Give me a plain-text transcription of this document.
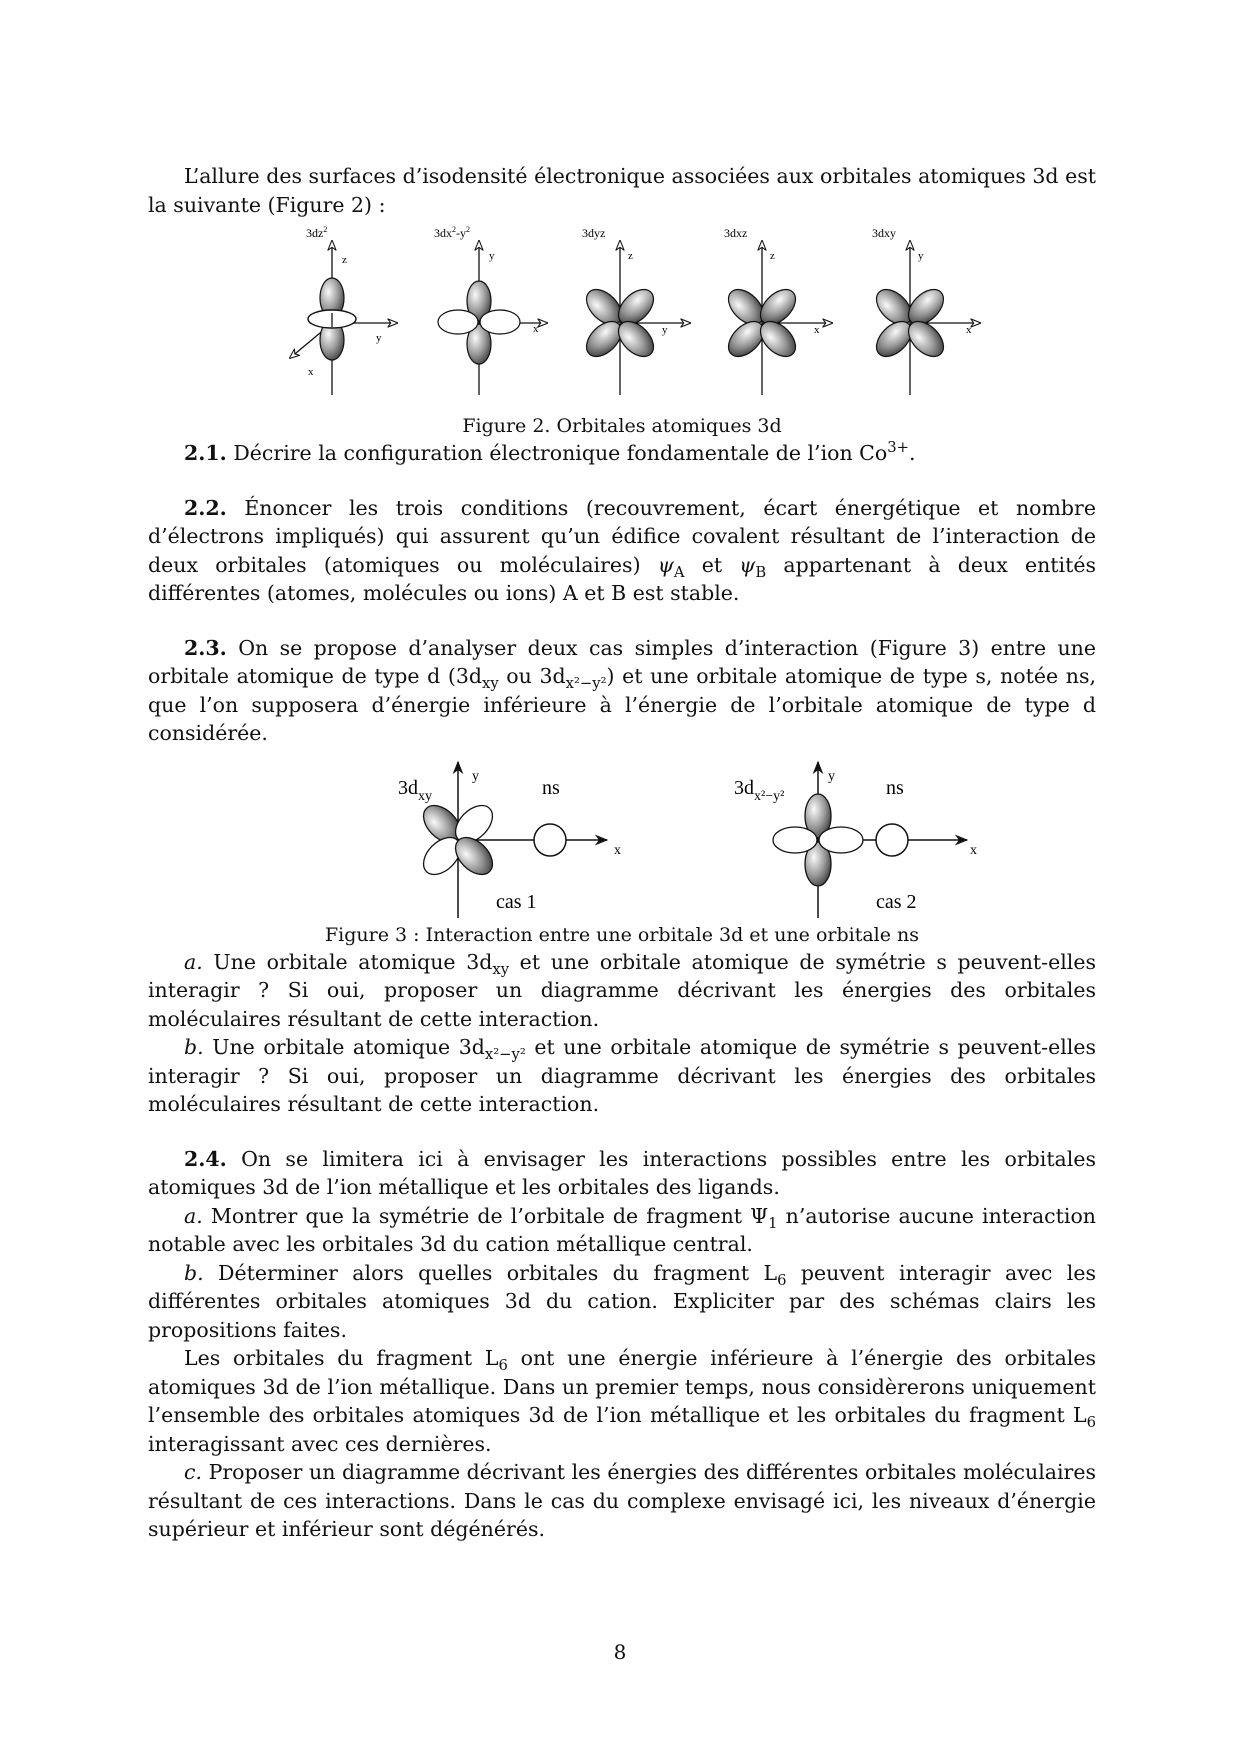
L’allure des surfaces d’isodensité électronique associées aux orbitales atomiques 3d est la suivante (Figure 2) :

$3dz^2$
z
y
x
$3dx^2-y^2$
y
x
3dyz
z
y
3dxz
z
x
3dxy
y
x

Figure 2. Orbitales atomiques 3d

2.1. Décrire la configuration électronique fondamentale de l’ion $Co^{3+}$.

2.2. Énoncer les trois conditions (recouvrement, écart énergétique et nombre d’électrons impliqués) qui assurent qu’un édifice covalent résultant de l’interaction de deux orbitales (atomiques ou moléculaires) $\psi_A$ et $\psi_B$ appartenant à deux entités différentes (atomes, molécules ou ions) A et B est stable.

2.3. On se propose d’analyser deux cas simples d’interaction (Figure 3) entre une orbitale atomique de type d ($3d_{xy}$ ou $3d_{x^2-y^2}$) et une orbitale atomique de type s, notée ns, que l’on supposera d’énergie inférieure à l’énergie de l’orbitale atomique de type d considérée.

$3d_{xy}$
y
x
ns
cas 1
$3d_{x^2-y^2}$
y
x
ns
cas 2

Figure 3 : Interaction entre une orbitale 3d et une orbitale ns

a. Une orbitale atomique $3d_{xy}$ et une orbitale atomique de symétrie s peuvent-elles interagir ? Si oui, proposer un diagramme décrivant les énergies des orbitales moléculaires résultant de cette interaction.

b. Une orbitale atomique $3d_{x^2-y^2}$ et une orbitale atomique de symétrie s peuvent-elles interagir ? Si oui, proposer un diagramme décrivant les énergies des orbitales moléculaires résultant de cette interaction.

2.4. On se limitera ici à envisager les interactions possibles entre les orbitales atomiques 3d de l’ion métallique et les orbitales des ligands.

a. Montrer que la symétrie de l’orbitale de fragment $\Psi_1$ n’autorise aucune interaction notable avec les orbitales 3d du cation métallique central.

b. Déterminer alors quelles orbitales du fragment $L_6$ peuvent interagir avec les différentes orbitales atomiques 3d du cation. Expliciter par des schémas clairs les propositions faites.

Les orbitales du fragment $L_6$ ont une énergie inférieure à l’énergie des orbitales atomiques 3d de l’ion métallique. Dans un premier temps, nous considèrerons uniquement l’ensemble des orbitales atomiques 3d de l’ion métallique et les orbitales du fragment $L_6$ interagissant avec ces dernières.

c. Proposer un diagramme décrivant les énergies des différentes orbitales moléculaires résultant de ces interactions. Dans le cas du complexe envisagé ici, les niveaux d’énergie supérieur et inférieur sont dégénérés.

8
